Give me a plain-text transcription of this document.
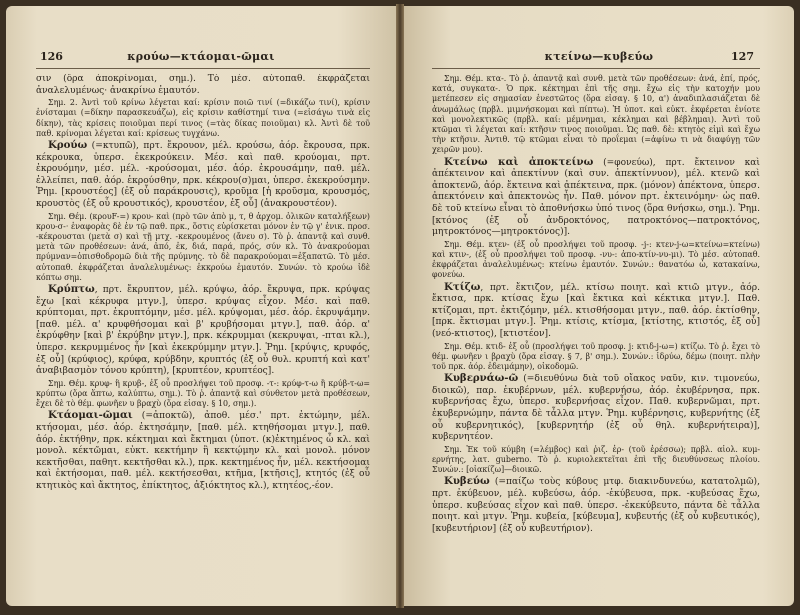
126	κρούω—κτάομαι-ῶμαι

σιν (ὅρα ἀποκρίνομαι, σημ.). Τὸ μέσ. αὐτοπαθ. ἐκφράζεται ἀναλελυμένως· ἀνακρίνω ἐμαυτόν.

Σημ. 2. Ἀντὶ τοῦ κρίνω λέγεται καί: κρίσιν ποιῶ τινί (=δικάζω τινί), κρίσιν ἐνίσταμαι (=δίκην παρασκευάζω), εἰς κρίσιν καθίστημί τινα (=εἰσάγω τινὰ εἰς δίκην), τὰς κρίσεις ποιοῦμαι περί τινος (=τὰς δίκας ποιοῦμαι) κλ. Ἀντὶ δὲ τοῦ παθ. κρίνομαι λέγεται καί: κρίσεως τυγχάνω.

Κρούω (=κτυπῶ), πρτ. ἔκρουον, μέλ. κρούσω, ἀόρ. ἔκρουσα, πρκ. κέκρουκα, ὑπερσ. ἐκεκρούκειν. Μέσ. καὶ παθ. κρούομαι, πρτ. ἐκρουόμην, μέσ. μέλ. -κρούσομαι, μέσ. ἀόρ. ἐκρουσάμην, παθ. μέλ. ἐλλείπει, παθ. ἀόρ. ἐκρούσθην, πρκ. κέκρου(σ)μαι, ὑπερσ. ἐκεκρούσμην. Ῥημ. [κρουστέος] (ἐξ οὗ παράκρουσις), κροῦμα [ἡ κροῦσμα, κρουσμός, κρουστὸς (ἐξ οὗ κρουστικός), κρουστέον, ἐξ οὗ] (ἀνακρουστέον).

Σημ. Θέμ. (κρουF-=) κρου- καὶ (πρὸ τῶν ἀπὸ μ, τ, θ ἀρχομ. ὀλικῶν καταλήξεων) κρου-σ-· ἐναφορὰς δὲ ἐν τῷ παθ. πρκ., ὅστις εὑρίσκεται μόνον ἐν τῷ γ' ἑνικ. προσ. -κέκρουσται (μετὰ σ) καὶ τῇ μτχ. -κεκρουμένος (ἄνευ σ). Τὸ ῥ. ἁπαντᾷ καὶ συνθ. μετὰ τῶν προθέσεων: ἀνά, ἀπό, ἐκ, διά, παρά, πρός, σύν κλ. Τὸ ἀνακρούομαι πρύμναν=ὀπισθοδρομῶ διὰ τῆς πρύμνης. τὸ δὲ παρακρούομαι=ἐξαπατῶ. Τὸ μέσ. αὐτοπαθ. ἐκφράζεται ἀναλελυμένως: ἐκκρούω ἐμαυτόν. Συνών. τὸ κρούω ἰδὲ κόπτω σημ.

Κρύπτω, πρτ. ἔκρυπτον, μέλ. κρύψω, ἀόρ. ἔκρυψα, πρκ. κρύψας ἔχω [καὶ κέκρυφα μτγν.], ὑπερσ. κρύψας εἶχον. Μέσ. καὶ παθ. κρύπτομαι, πρτ. ἐκρυπτόμην, μέσ. μέλ. κρύψομαι, μέσ. ἀόρ. ἐκρυψάμην. [παθ. μέλ. α' κρυφθήσομαι καὶ β' κρυβήσομαι μτγν.], παθ. ἀόρ. α' ἐκρύφθην [καὶ β' ἐκρύβην μτγν.], πρκ. κέκρυμμαι (κεκρυψαι, -πται κλ.), ὑπερσ. κεκρυμμένος ἦν [καὶ ἐκεκρύμμην μτγν.]. Ῥημ. [κρύψις, κρυφός, ἐξ οὗ] (κρύφιος), κρύφα, κρύβδην, κρυπτός (ἐξ οὗ θυλ. κρυπτή καὶ κατ' ἀναβιβασμὸν τόνου κρύπτη), [κρυπτέον, κρυπτέος].

Σημ. Θέμ. κρυφ- ἢ κρυβ-, ἐξ οὗ προσλήψει τοῦ προσφ. -τ-: κρύφ-τ-ω ἢ κρύβ-τ-ω= κρύπτω (ὅρα ἅπτω, καλύπτω, σημ.). Τὸ ῥ. ἁπαντᾷ καὶ σύνθετον μετὰ προθέσεων, ἔχει δὲ τὸ θέμ. φωνῆεν υ βραχὺ (ὅρα εἰσαγ. § 10, σημ.).

Κτάομαι-ῶμαι (=ἀποκτῶ), ἀποθ. μέσ.' πρτ. ἐκτώμην, μέλ. κτήσομαι, μέσ. ἀόρ. ἐκτησάμην, [παθ. μέλ. κτηθήσομαι μτγν.], παθ. ἀόρ. ἐκτήθην, πρκ. κέκτημαι καὶ ἔκτημαι (ὑποτ. (κ)ἐκτημένος ὦ κλ. καὶ μονολ. κέκτῶμαι, εὐκτ. κεκτήμην ἢ κεκτῴμην κλ. καὶ μονολ. μόνον κεκτῆσθαι, παθητ. κεκτῆσθαι κλ.), πρκ. κεκτημένος ἦν, μέλ. κεκτήσομαι καὶ ἐκτήσομαι, παθ. μέλ. κεκτήσεσθαι, κτῆμα, [κτῆσις], κτητός (ἐξ οὗ κτητικὸς καὶ ἄκτητος, ἐπίκτητος, ἀξιόκτητος κλ.), κτητέος,-έον.

κτείνω—κυβεύω	127

Σημ. Θέμ. κτα-. Τὸ ῥ. ἁπαντᾷ καὶ συνθ. μετὰ τῶν προθέσεων: ἀνά, ἐπί, πρός, κατά, συγκατα-. Ὁ πρκ. κέκτημαι ἐπὶ τῆς σημ. ἔχω εἰς τὴν κατοχήν μου μετέπεσεν εἰς σημασίαν ἐνεστῶτος (ὅρα εἰσαγ. § 10, α') ἀναδιπλασιάζεται δὲ ἀνωμάλως (πρβλ. μιμνήσκομαι καὶ πίπτω). Ἡ ὑποτ. καὶ εὐκτ. ἐκφέρεται ἐνίοτε καὶ μονολεκτικῶς (πρβλ. καί: μέμνημαι, κέκλημαι καὶ βέβλημαι). Ἀντὶ τοῦ κτῶμαι τὶ λέγεται καί: κτῆσιν τινος ποιοῦμαι. Ὡς παθ. δὲ: κτητὸς εἰμὶ καὶ ἔχω τὴν κτῆσιν. Ἀντιθ. τῷ κτῶμαι εἶναι τὸ προΐεμαι (=ἀφίνω τι νὰ διαφύγῃ τῶν χειρῶν μου).

Κτείνω καὶ ἀποκτείνω (=φονεύω), πρτ. ἔκτεινον καὶ ἀπέκτεινον καὶ ἀπεκτίνυν (καὶ συν. ἀπεκτίννυον), μέλ. κτενῶ καὶ ἀποκτενῶ, ἀόρ. ἔκτεινα καὶ ἀπέκτεινα, πρκ. (μόνον) ἀπέκτονα, ὑπερσ. ἀπεκτόνειν καὶ ἀπεκτονὼς ἦν. Παθ. μόνον πρτ. ἐκτεινόμην· ὡς παθ. δὲ τοῦ κτείνω εἶναι τὸ ἀποθνήσκω ὑπό τινος (ὅρα θνήσκω, σημ.). Ῥημ. [κτόνος (ἐξ οὗ ἀνδροκτόνος, πατροκτόνος—πατροκτόνος, μητροκτόνος—μητροκτόνος)].

Σημ. Θέμ. κτεν- (ἐξ οὗ προσλήψει τοῦ προσφ. -j-: κτεν-j-ω=κτείνω=κτείνω) καὶ κτιν-, (ἐξ οὗ προσλήψει τοῦ προσφ. -νυ-: ἀπο-κτίν-νυ-μι). Τὸ μέσ. αὐτοπαθ. ἐκφράζεται ἀναλελυμένως: κτείνω ἐμαυτόν. Συνών.: θανατόω ὦ, κατακαίνω, φονεύω.

Κτίζω, πρτ. ἔκτιζον, μέλ. κτίσω ποιητ. καὶ κτιῶ μτγν., ἀόρ. ἔκτισα, πρκ. κτίσας ἔχω [καὶ ἔκτικα καὶ κέκτικα μτγν.]. Παθ. κτίζομαι, πρτ. ἐκτιζόμην, μέλ. κτισθήσομαι μτγν., παθ. ἀόρ. ἐκτίσθην, [πρκ. ἔκτισμαι μτγν.]. Ῥημ. κτίσις, κτίσμα, [κτίστης, κτιστός, ἐξ οὗ] (νεό-κτιστος), [κτιστέον].

Σημ. Θέμ. κτιδ- ἐξ οὗ (προσλήψει τοῦ προσφ. j: κτιδ-j-ω=) κτίζω. Τὸ ῥ. ἔχει τὸ θέμ. φωνῆεν ι βραχὺ (ὅρα εἰσαγ. § 7, β' σημ.). Συνών.: ἱδρύω, δέμω (ποιητ. πλὴν τοῦ πρκ. ἀόρ. ἐδειμάμην), οἰκοδομῶ.

Κυβερνάω-ῶ (=διευθύνω διὰ τοῦ οἴακος ναῦν, κιν. τιμονεύω, διοικῶ), παρ. ἐκυβέρνων, μέλ. κυβερνήσω, ἀόρ. ἐκυβέρνησα, πρκ. κυβερνήσας ἔχω, ὑπερσ. κυβερνήσας εἶχον. Παθ. κυβερνῶμαι, πρτ. ἐκυβερνώμην, πάντα δὲ τἆλλα μτγν. Ῥημ. κυβέρνησις, κυβερνήτης (ἐξ οὗ κυβερνητικός), [κυβερνητήρ (ἐξ οὗ θηλ. κυβερνήτειρα)], κυβερνητέον.

Σημ. Ἐκ τοῦ κύμβη (=λέμβος) καὶ ῥιζ. ἐρ- (τοῦ ἐρέσσω); πρβλ. αἰολ. κυμ-ερνήτης, λατ. guberno. Τὸ ῥ. κυριολεκτεῖται ἐπὶ τῆς διευθύνσεως πλοίου. Συνών.: [οἰακίζω]—διοικῶ.

Κυβεύω (=παίζω τοὺς κύβους μτφ. διακινδυνεύω, κατατολμῶ), πρτ. ἐκύβευον, μέλ. κυβεύσω, ἀόρ. -ἐκύβευσα, πρκ. -κυβεύσας ἔχω, ὑπερσ. κυβεύσας εἶχον καὶ παθ. ὑπερσ. -ἐκεκύβευτο, πάντα δὲ τἆλλα ποιητ. καὶ μτγν. Ῥημ. κυβεία, [κύβευμα], κυβευτής (ἐξ οὗ κυβευτικός), [κυβευτήριον] (ἐξ οὗ κυβευτήριον).
